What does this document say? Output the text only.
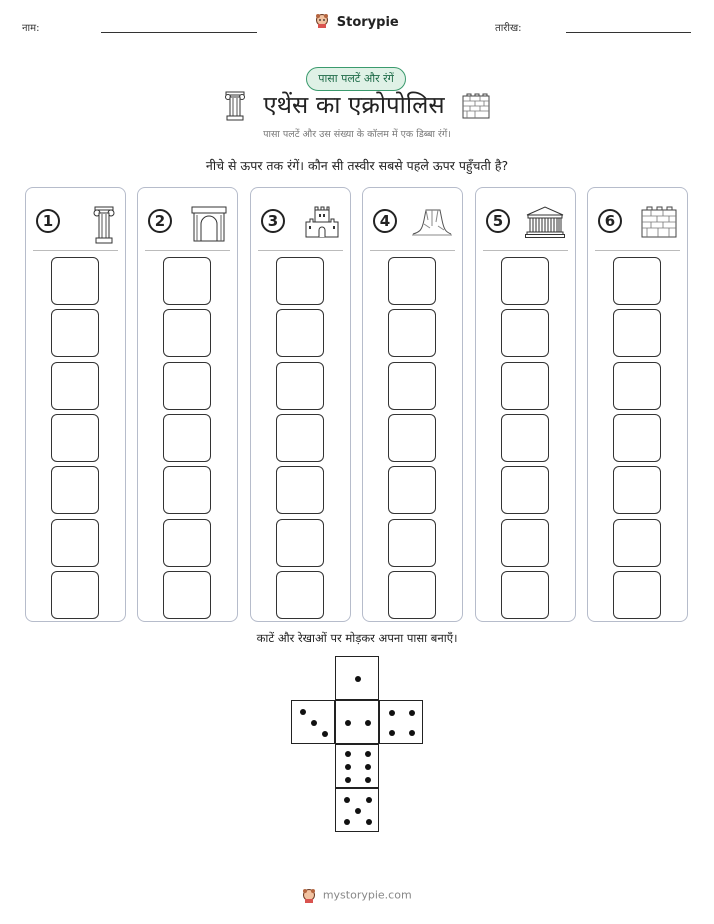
नाम:	Storypie	तारीख:
पासा पलटें और रंगें
एथेंस का एक्रोपोलिस
पासा पलटें और उस संख्या के कॉलम में एक डिब्बा रंगें।
नीचे से ऊपर तक रंगें। कौन सी तस्वीर सबसे पहले ऊपर पहुँचती है?
1	2	3	4	5	6
काटें और रेखाओं पर मोड़कर अपना पासा बनाएँ।
mystorypie.com
